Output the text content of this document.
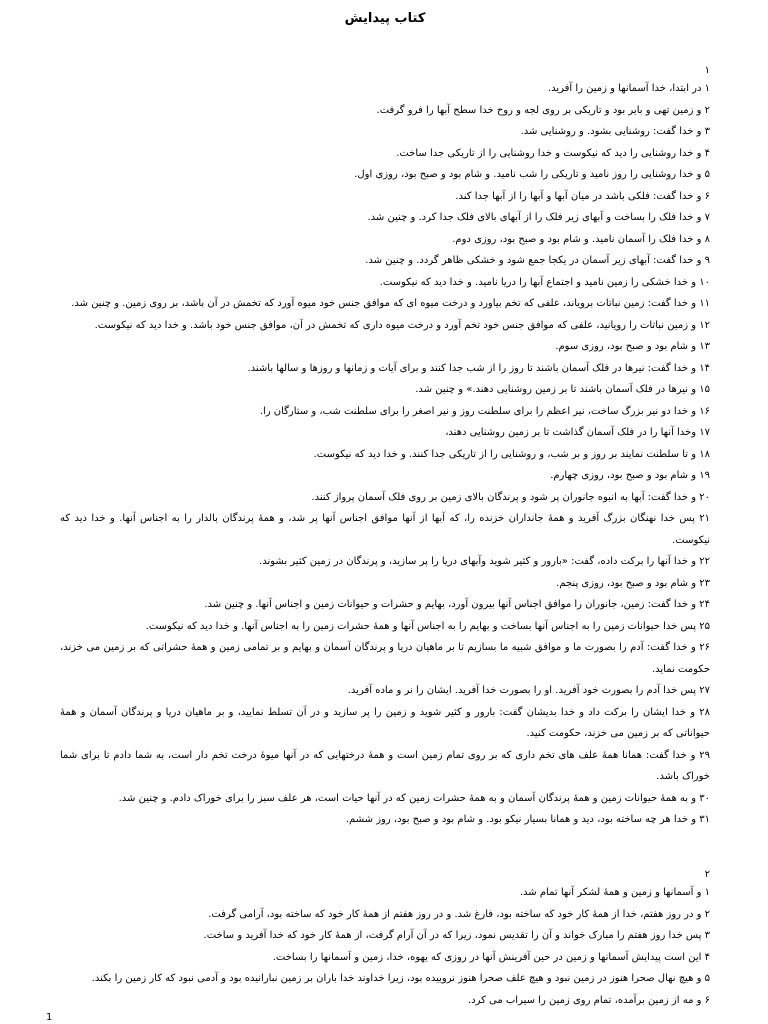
کتاب پیدایش
۱
۱ در ابتدا، خدا آسمانها و زمین را آفرید.
۲ و زمین تهی و بایر بود و تاریکی بر روی لجه و روح خدا سطح آبها را فرو گرفت.
۳ و خدا گفت: روشنایی بشود. و روشنایی شد.
۴ و خدا روشنایی را دید که نیکوست و خدا روشنایی را از تاریکی جدا ساخت.
۵ و خدا روشنایی را روز نامید و تاریکی را شب نامید. و شام بود و صبح بود، روزی اول.
۶ و خدا گفت: فلکی باشد در میان آبها و آبها را از آبها جدا کند.
۷ و خدا فلک را بساخت و آبهای زیر فلک را از آبهای بالای فلک جدا کرد. و چنین شد.
۸ و خدا فلک را آسمان نامید. و شام بود و صبح بود، روزی دوم.
۹ و خدا گفت: آبهای زیر آسمان در یکجا جمع شود و خشکی ظاهر گردد. و چنین شد.
۱۰ و خدا خشکی را زمین نامید و اجتماع آبها را دریا نامید. و خدا دید که نیکوست.
۱۱ و خدا گفت: زمین نباتات برویاند، علفی که تخم بیاورد و درخت میوه ای که موافق جنس خود میوه آورد که تخمش در آن باشد، بر روی زمین. و چنین شد.
۱۲ و زمین نباتات را رویانید، علفی که موافق جنس خود تخم آورد و درخت میوه داری که تخمش در آن، موافق جنس خود باشد. و خدا دید که نیکوست.
۱۳ و شام بود و صبح بود، روزی سوم.
۱۴ و خدا گفت: نیرها در فلک آسمان باشند تا روز را از شب جدا کنند و برای آیات و زمانها و روزها و سالها باشند.
۱۵ و نیرها در فلک آسمان باشند تا بر زمین روشنایی دهند.» و چنین شد.
۱۶ و خدا دو نیر بزرگ ساخت، نیر اعظم را برای سلطنت روز و نیر اصغر را برای سلطنت شب، و ستارگان را.
۱۷ وخدا آنها را در فلک آسمان گذاشت تا بر زمین روشنایی دهند،
۱۸ و تا سلطنت نمایند بر روز و بر شب، و روشنایی را از تاریکی جدا کنند. و خدا دید که نیکوست.
۱۹ و شام بود و صبح بود، روزی چهارم.
۲۰ و خدا گفت: آبها به انبوه جانوران پر شود و پرندگان بالای زمین بر روی فلک آسمان پرواز کنند.
۲۱ پس خدا نهنگان بزرگ آفرید و همهٔ جانداران خزنده را، که آبها از آنها موافق اجناس آنها پر شد، و همهٔ پرندگان بالدار را به اجناس آنها. و خدا دید که نیکوست.
۲۲ و خدا آنها را برکت داده، گفت: «بارور و کثیر شوید وآبهای دریا را پر سازید، و پرندگان در زمین کثیر بشوند.
۲۳ و شام بود و صبح بود، روزی پنجم.
۲۴ و خدا گفت: زمین، جانوران را موافق اجناس آنها بیرون آورد، بهایم و حشرات و حیوانات زمین و اجناس آنها. و چنین شد.
۲۵ پس خدا حیوانات زمین را به اجناس آنها بساخت و بهایم را به اجناس آنها و همهٔ حشرات زمین را به اجناس آنها. و خدا دید که نیکوست.
۲۶ و خدا گفت: آدم را بصورت ما و موافق شبیه ما بسازیم تا بر ماهیان دریا و پرندگان آسمان و بهایم و بر تمامی زمین و همهٔ حشراتی که بر زمین می خزند، حکومت نماید.
۲۷ پس خدا آدم را بصورت خود آفرید. او را بصورت خدا آفرید. ایشان را نر و ماده آفرید.
۲۸ و خدا ایشان را برکت داد و خدا بدیشان گفت: بارور و کثیر شوید و زمین را پر سازید و در آن تسلط نمایید، و بر ماهیان دریا و پرندگان آسمان و همهٔ حیواناتی که بر زمین می خزند، حکومت کنید.
۲۹ و خدا گفت: همانا همهٔ علف های تخم داری که بر روی تمام زمین است و همهٔ درختهایی که در آنها میوهٔ درخت تخم دار است، به شما دادم تا برای شما خوراک باشد.
۳۰ و به همهٔ حیوانات زمین و همهٔ پرندگان آسمان و به همهٔ حشرات زمین که در آنها حیات است، هر علف سبز را برای خوراک دادم. و چنین شد.
۳۱ و خدا هر چه ساخته بود، دید و همانا بسیار نیکو بود. و شام بود و صبح بود، روز ششم.
۲
۱ و آسمانها و زمین و همهٔ لشکر آنها تمام شد.
۲ و در روز هفتم، خدا از همهٔ کار خود که ساخته بود، فارغ شد. و در روز هفتم از همهٔ کار خود که ساخته بود، آرامی گرفت.
۳ پس خدا روز هفتم را مبارک خواند و آن را تقدیس نمود، زیرا که در آن آرام گرفت، از همهٔ کار خود که خدا آفرید و ساخت.
۴ این است پیدایش آسمانها و زمین در حین آفرینش آنها در روزی که یهوه، خدا، زمین و آسمانها را بساخت.
۵ و هیچ نهال صحرا هنوز در زمین نبود و هیچ علف صحرا هنوز نروییده بود، زیرا خداوند خدا باران بر زمین نبارانیده بود و آدمی نبود که کار زمین را بکند.
۶ و مه از زمین برآمده، تمام روی زمین را سیراب می کرد.
1
